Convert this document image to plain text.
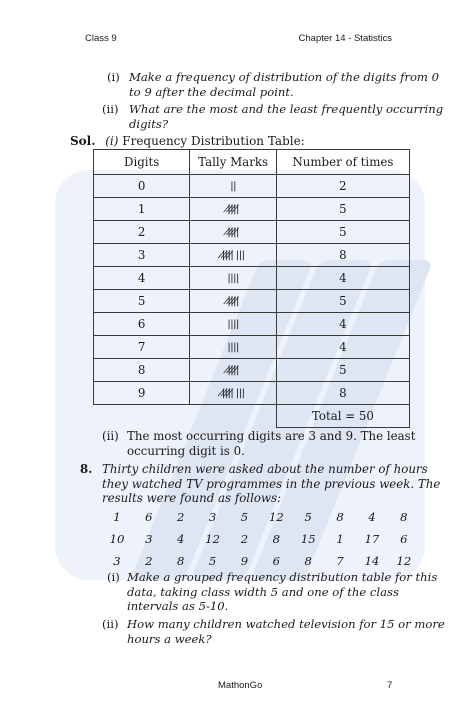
Class 9	Chapter 14 - Statistics
(i) Make a frequency of distribution of the digits from 0
to 9 after the decimal point.
(ii) What are the most and the least frequently occurring
digits?
Sol. (i) Frequency Distribution Table:
Digits	Tally Marks	Number of times
0	||	2
1	|̸|̸|̸|̸	5
2	|̸|̸|̸|̸	5
3	|̸|̸|̸|̸ |||	8
4	||||	4
5	|̸|̸|̸|̸	5
6	||||	4
7	||||	4
8	|̸|̸|̸|̸	5
9	|̸|̸|̸|̸ |||	8
		Total = 50
(ii) The most occurring digits are 3 and 9. The least
occurring digit is 0.
8. Thirty children were asked about the number of hours
they watched TV programmes in the previous week. The
results were found as follows:
1	6	2	3	5	12	5	8	4	8
10	3	4	12	2	8	15	1	17	6
3	2	8	5	9	6	8	7	14	12
(i) Make a grouped frequency distribution table for this
data, taking class width 5 and one of the class
intervals as 5-10.
(ii) How many children watched television for 15 or more
hours a week?
MathonGo	7
